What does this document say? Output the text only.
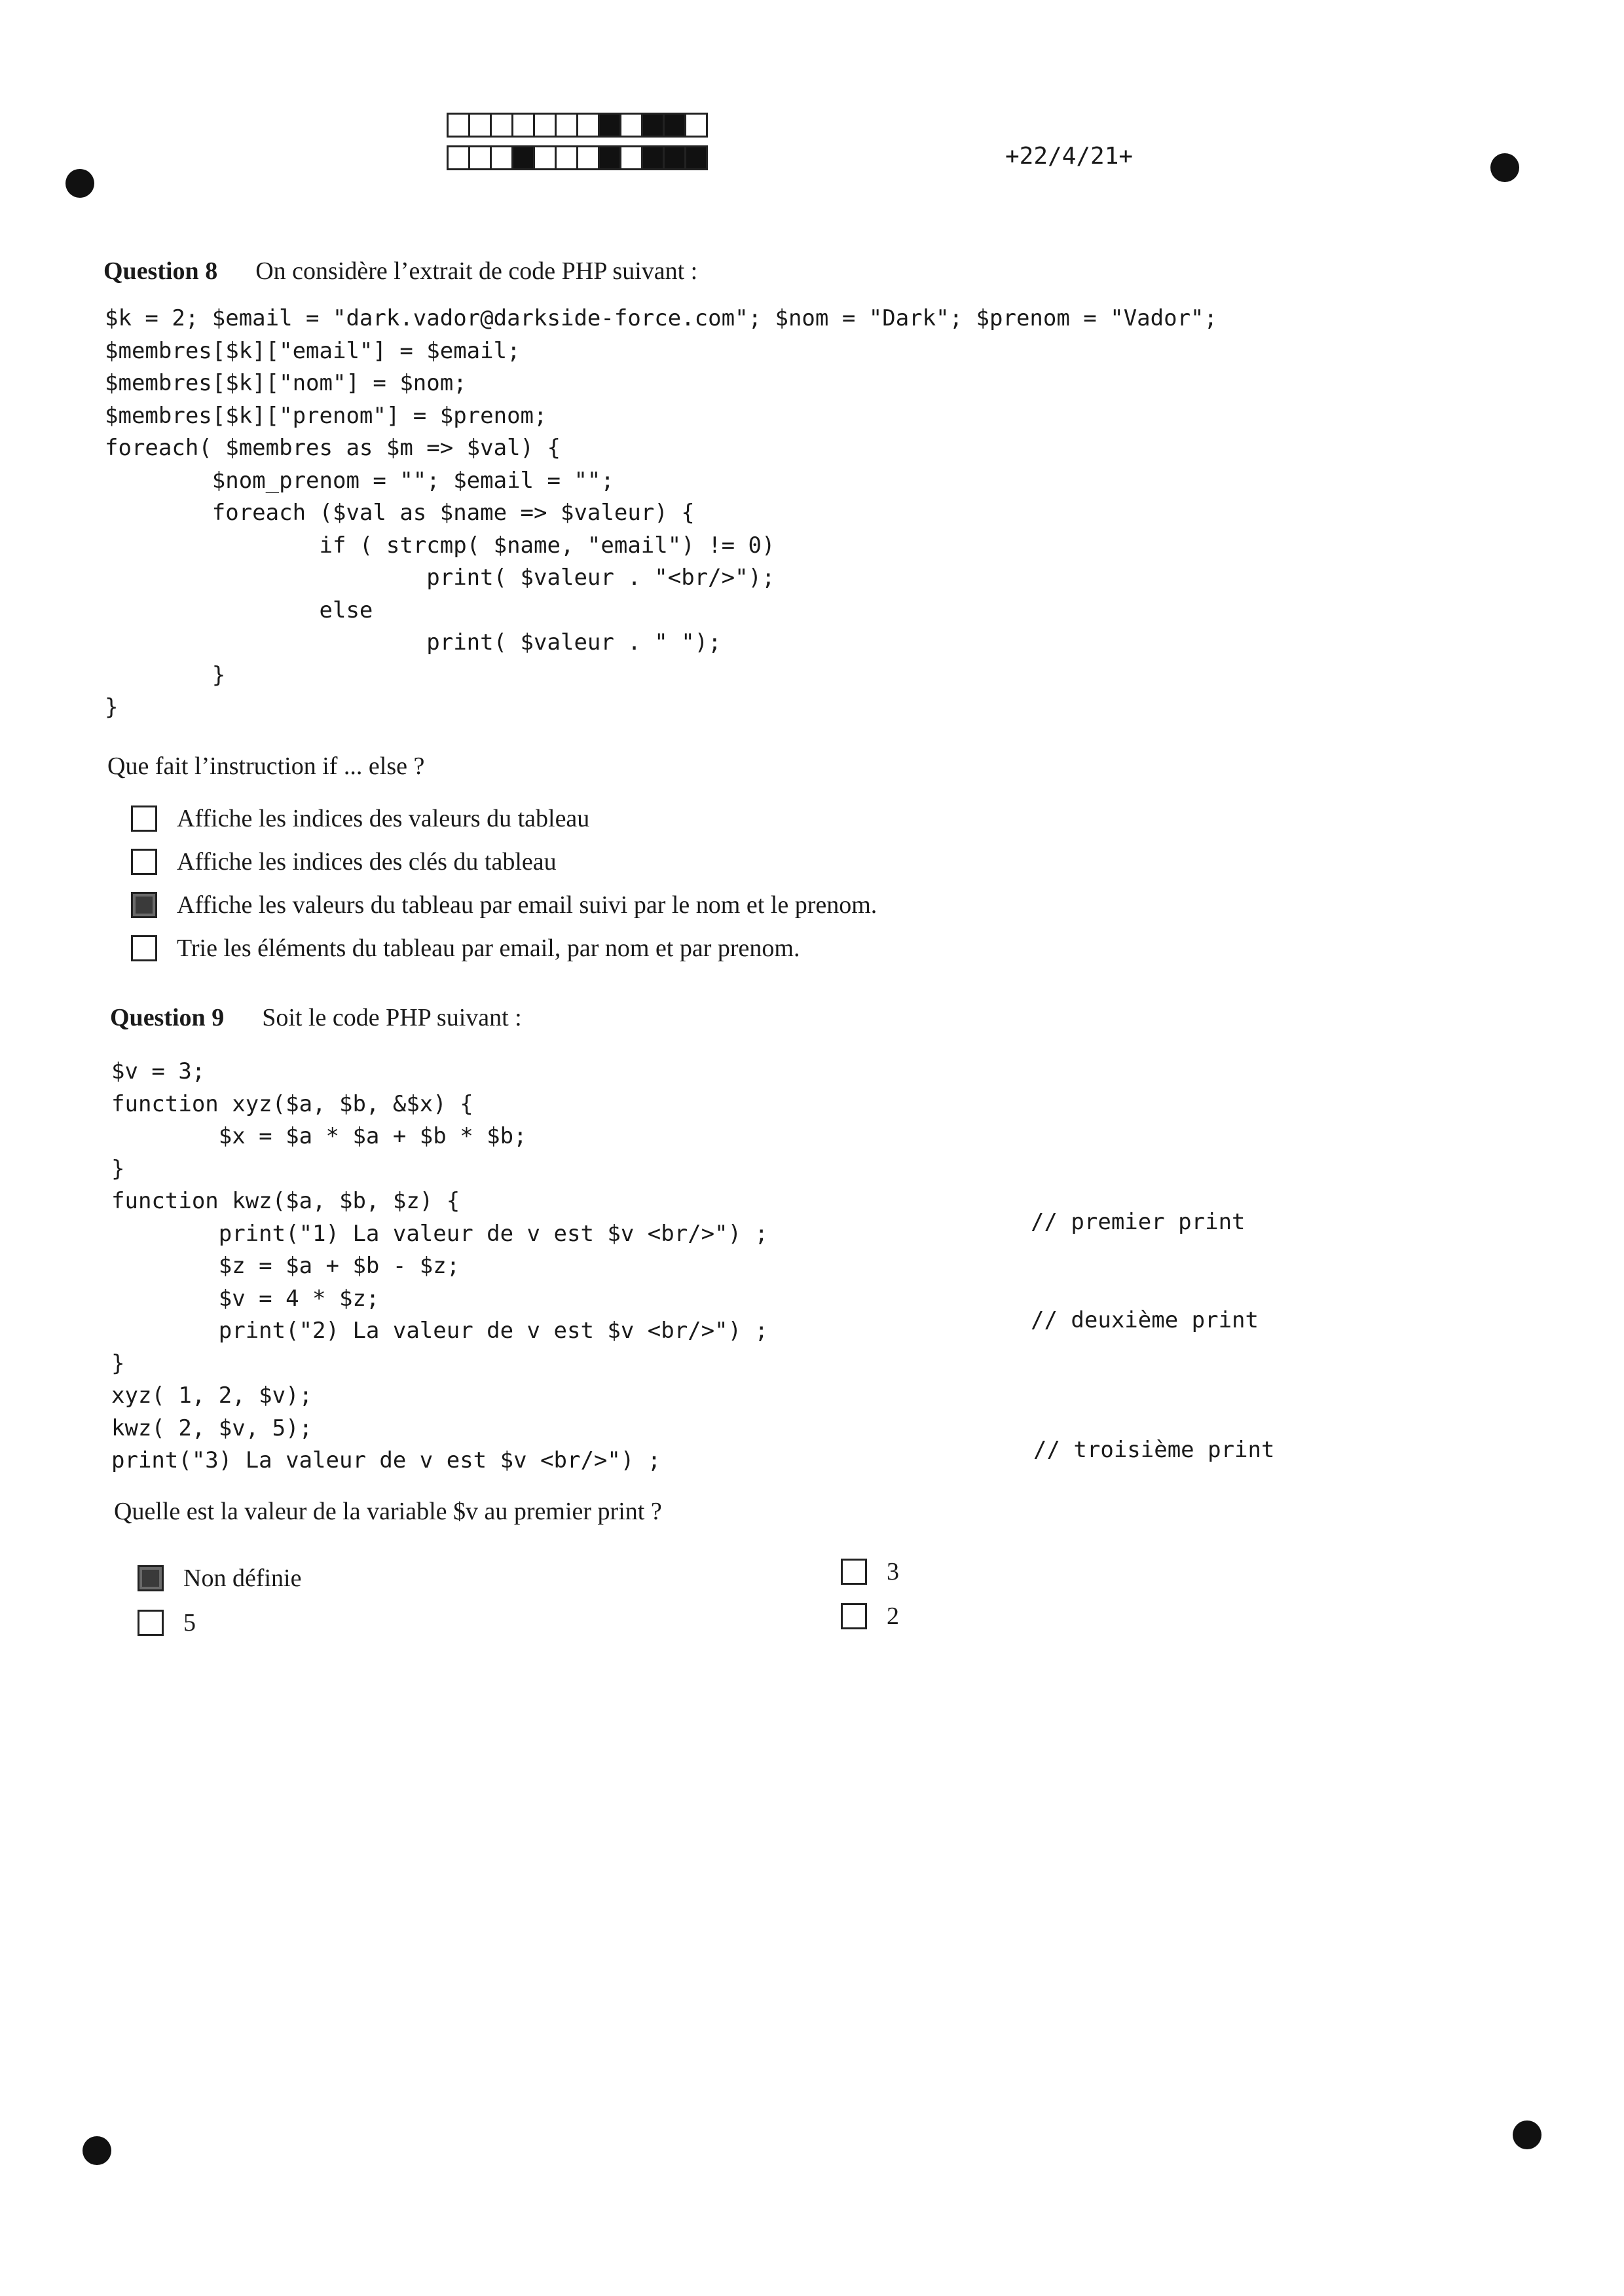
+22/4/21+
Question 8 On considère l’extrait de code PHP suivant :
$k = 2; $email = "dark.vador@darkside-force.com"; $nom = "Dark"; $prenom = "Vador";
$membres[$k]["email"] = $email;
$membres[$k]["nom"] = $nom;
$membres[$k]["prenom"] = $prenom;
foreach( $membres as $m => $val) {
$nom_prenom = ""; $email = "";
foreach ($val as $name => $valeur) {
if ( strcmp( $name, "email") != 0)
print( $valeur . "<br/>");
else
print( $valeur . " ");
}
}
Que fait l’instruction if ... else ?
Affiche les indices des valeurs du tableau
Affiche les indices des clés du tableau
Affiche les valeurs du tableau par email suivi par le nom et le prenom.
Trie les éléments du tableau par email, par nom et par prenom.
Question 9 Soit le code PHP suivant :
$v = 3;
function xyz($a, $b, &$x) {
$x = $a * $a + $b * $b;
}
function kwz($a, $b, $z) {
print("1) La valeur de v est $v <br/>") ;
$z = $a + $b - $z;
$v = 4 * $z;
print("2) La valeur de v est $v <br/>") ;
}
xyz( 1, 2, $v);
kwz( 2, $v, 5);
print("3) La valeur de v est $v <br/>") ;
// premier print
// deuxième print
// troisième print
Quelle est la valeur de la variable $v au premier print ?
Non définie
5
3
2
